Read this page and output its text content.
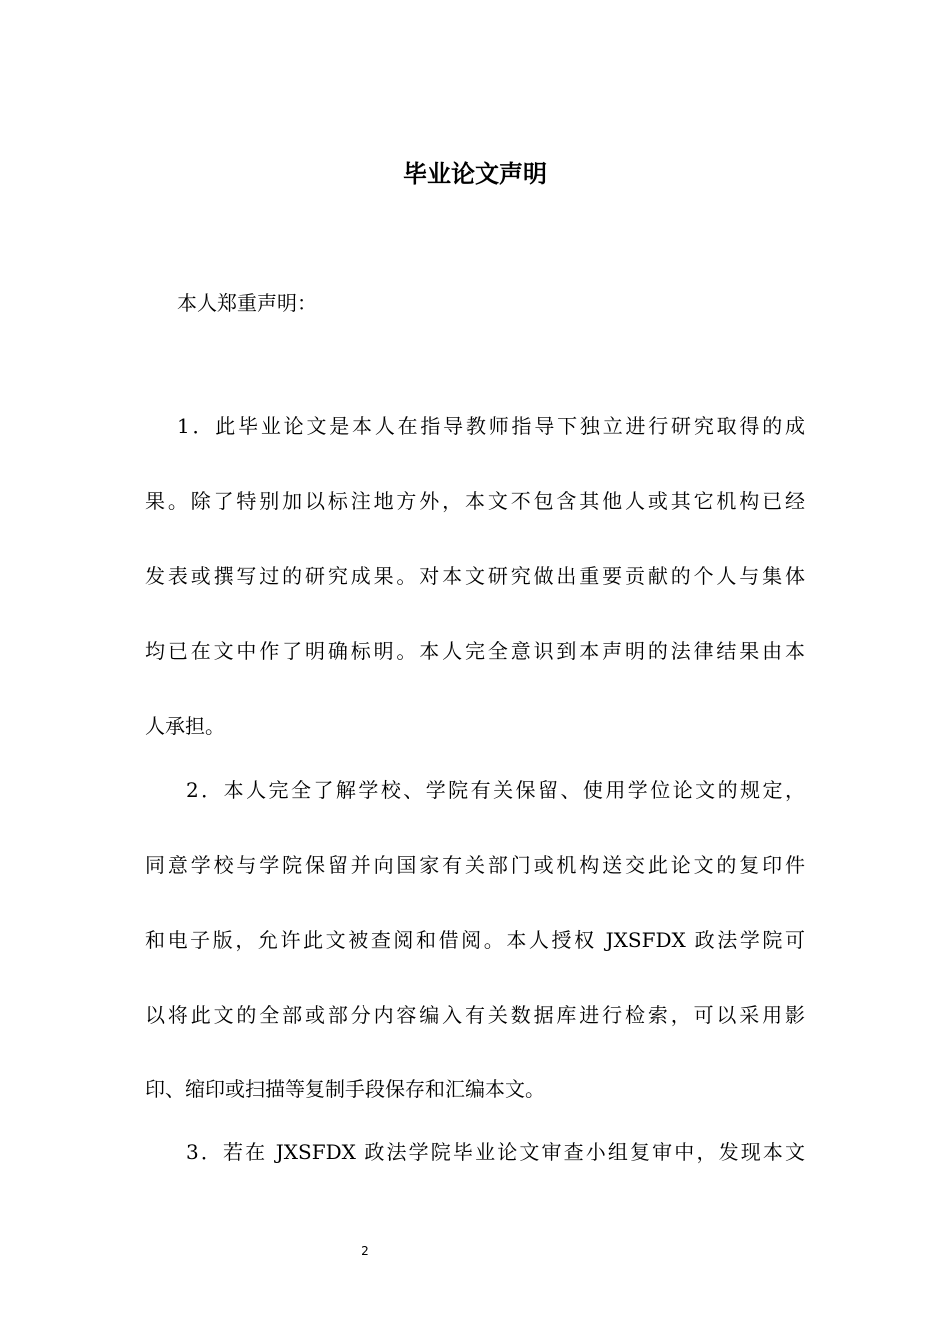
毕业论文声明

本人郑重声明：

1．此毕业论文是本人在指导教师指导下独立进行研究取得的成

果。除了特别加以标注地方外，本文不包含其他人或其它机构已经

发表或撰写过的研究成果。对本文研究做出重要贡献的个人与集体

均已在文中作了明确标明。本人完全意识到本声明的法律结果由本

人承担。

2．本人完全了解学校、学院有关保留、使用学位论文的规定，

同意学校与学院保留并向国家有关部门或机构送交此论文的复印件

和电子版，允许此文被查阅和借阅。本人授权 JXSFDX 政法学院可

以将此文的全部或部分内容编入有关数据库进行检索，可以采用影

印、缩印或扫描等复制手段保存和汇编本文。

3．若在 JXSFDX 政法学院毕业论文审查小组复审中，发现本文

2
